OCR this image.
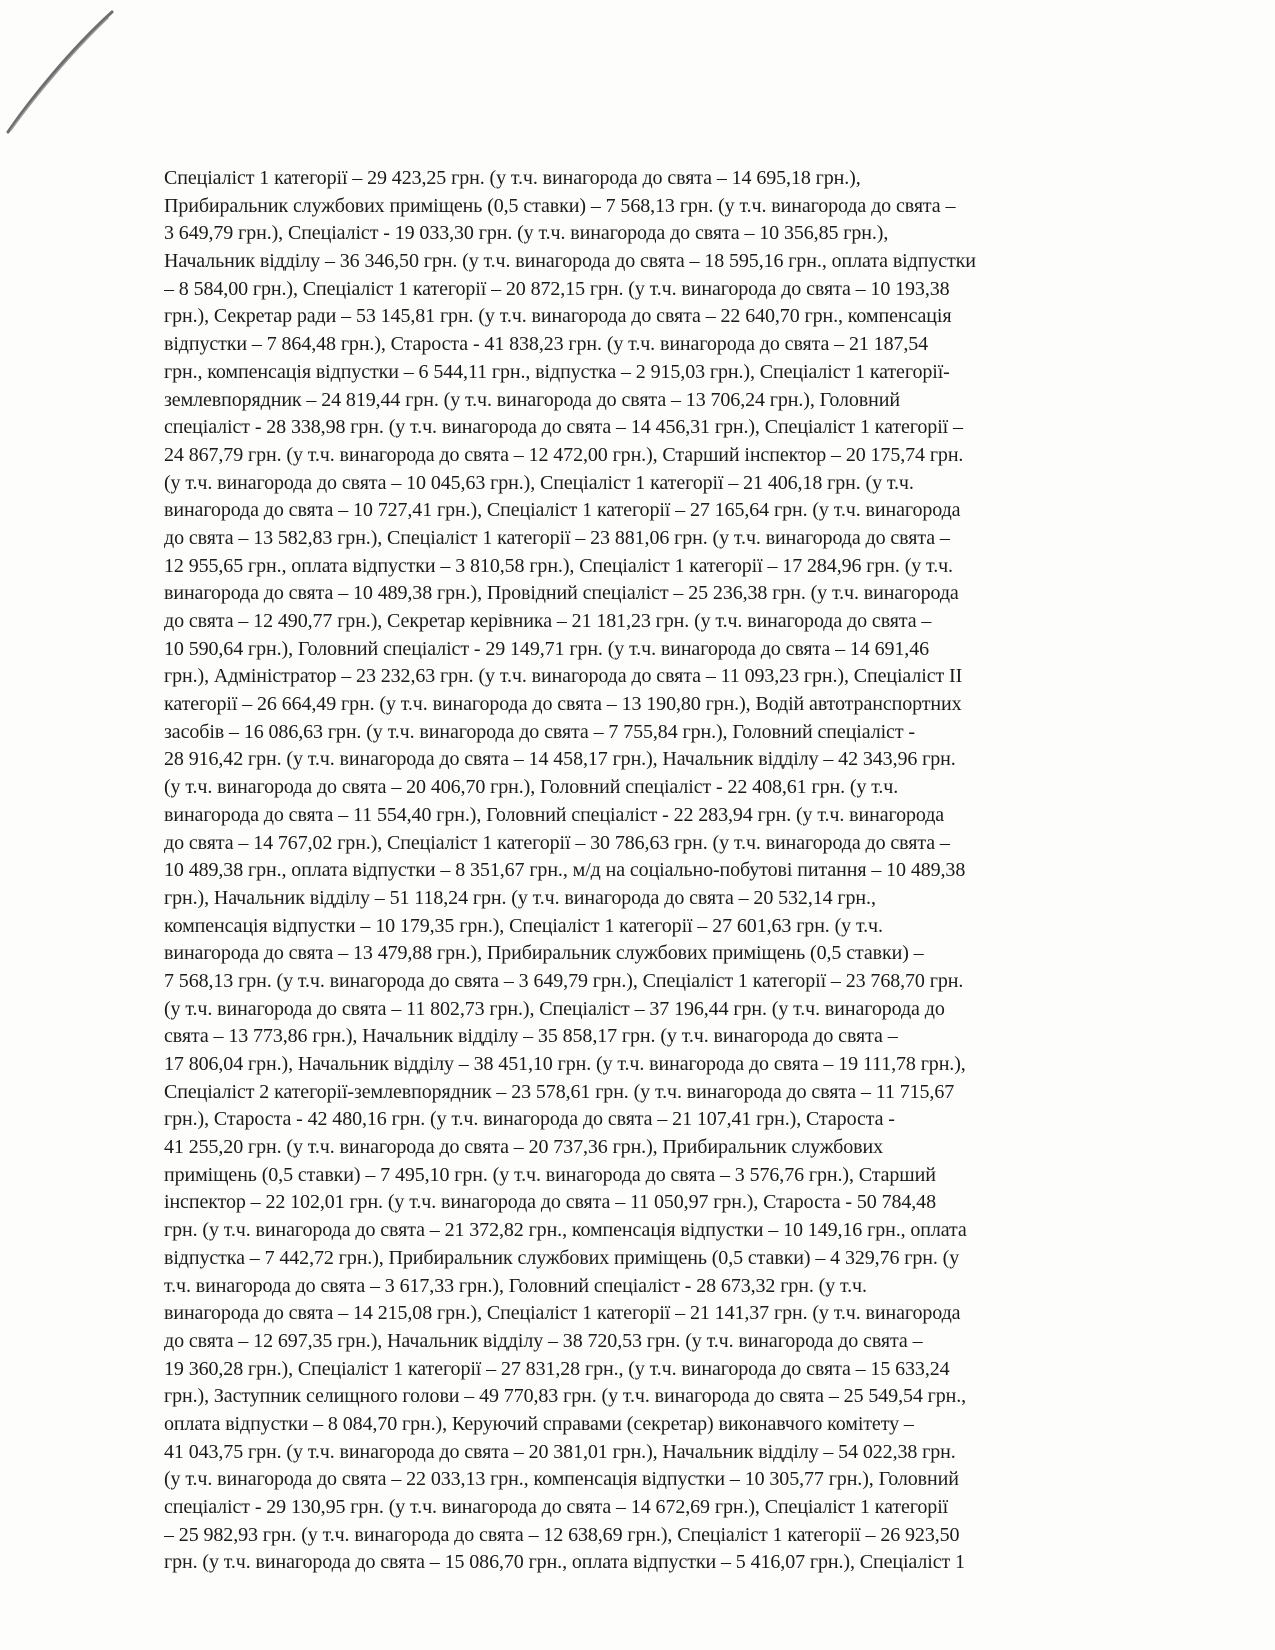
Спеціаліст 1 категорії – 29 423,25 грн. (у т.ч. винагорода до свята – 14 695,18 грн.),
Прибиральник службових приміщень (0,5 ставки) – 7 568,13 грн. (у т.ч. винагорода до свята –
3 649,79 грн.), Спеціаліст - 19 033,30 грн. (у т.ч. винагорода до свята – 10 356,85 грн.),
Начальник відділу – 36 346,50 грн. (у т.ч. винагорода до свята – 18 595,16 грн., оплата відпустки
– 8 584,00 грн.), Спеціаліст 1 категорії – 20 872,15 грн. (у т.ч. винагорода до свята – 10 193,38
грн.), Секретар ради – 53 145,81 грн. (у т.ч. винагорода до свята – 22 640,70 грн., компенсація
відпустки – 7 864,48 грн.), Староста - 41 838,23 грн. (у т.ч. винагорода до свята – 21 187,54
грн., компенсація відпустки – 6 544,11 грн., відпустка – 2 915,03 грн.), Спеціаліст 1 категорії-
землевпорядник – 24 819,44 грн. (у т.ч. винагорода до свята – 13 706,24 грн.), Головний
спеціаліст - 28 338,98 грн. (у т.ч. винагорода до свята – 14 456,31 грн.), Спеціаліст 1 категорії –
24 867,79 грн. (у т.ч. винагорода до свята – 12 472,00 грн.), Старший інспектор – 20 175,74 грн.
(у т.ч. винагорода до свята – 10 045,63 грн.), Спеціаліст 1 категорії – 21 406,18 грн. (у т.ч.
винагорода до свята – 10 727,41 грн.), Спеціаліст 1 категорії – 27 165,64 грн. (у т.ч. винагорода
до свята – 13 582,83 грн.), Спеціаліст 1 категорії – 23 881,06 грн. (у т.ч. винагорода до свята –
12 955,65 грн., оплата відпустки – 3 810,58 грн.), Спеціаліст 1 категорії – 17 284,96 грн. (у т.ч.
винагорода до свята – 10 489,38 грн.), Провідний спеціаліст – 25 236,38 грн. (у т.ч. винагорода
до свята – 12 490,77 грн.), Секретар керівника – 21 181,23 грн. (у т.ч. винагорода до свята –
10 590,64 грн.), Головний спеціаліст - 29 149,71 грн. (у т.ч. винагорода до свята – 14 691,46
грн.), Адміністратор – 23 232,63 грн. (у т.ч. винагорода до свята – 11 093,23 грн.), Спеціаліст ІІ
категорії – 26 664,49 грн. (у т.ч. винагорода до свята – 13 190,80 грн.), Водій автотранспортних
засобів – 16 086,63 грн. (у т.ч. винагорода до свята – 7 755,84 грн.), Головний спеціаліст -
28 916,42 грн. (у т.ч. винагорода до свята – 14 458,17 грн.), Начальник відділу – 42 343,96 грн.
(у т.ч. винагорода до свята – 20 406,70 грн.), Головний спеціаліст - 22 408,61 грн. (у т.ч.
винагорода до свята – 11 554,40 грн.), Головний спеціаліст - 22 283,94 грн. (у т.ч. винагорода
до свята – 14 767,02 грн.), Спеціаліст 1 категорії – 30 786,63 грн. (у т.ч. винагорода до свята –
10 489,38 грн., оплата відпустки – 8 351,67 грн., м/д на соціально-побутові питання – 10 489,38
грн.), Начальник відділу – 51 118,24 грн. (у т.ч. винагорода до свята – 20 532,14 грн.,
компенсація відпустки – 10 179,35 грн.), Спеціаліст 1 категорії – 27 601,63 грн. (у т.ч.
винагорода до свята – 13 479,88 грн.), Прибиральник службових приміщень (0,5 ставки) –
7 568,13 грн. (у т.ч. винагорода до свята – 3 649,79 грн.), Спеціаліст 1 категорії – 23 768,70 грн.
(у т.ч. винагорода до свята – 11 802,73 грн.), Спеціаліст – 37 196,44 грн. (у т.ч. винагорода до
свята – 13 773,86 грн.), Начальник відділу – 35 858,17 грн. (у т.ч. винагорода до свята –
17 806,04 грн.), Начальник відділу – 38 451,10 грн. (у т.ч. винагорода до свята – 19 111,78 грн.),
Спеціаліст 2 категорії-землевпорядник – 23 578,61 грн. (у т.ч. винагорода до свята – 11 715,67
грн.), Староста - 42 480,16 грн. (у т.ч. винагорода до свята – 21 107,41 грн.), Староста -
41 255,20 грн. (у т.ч. винагорода до свята – 20 737,36 грн.), Прибиральник службових
приміщень (0,5 ставки) – 7 495,10 грн. (у т.ч. винагорода до свята – 3 576,76 грн.), Старший
інспектор – 22 102,01 грн. (у т.ч. винагорода до свята – 11 050,97 грн.), Староста - 50 784,48
грн. (у т.ч. винагорода до свята – 21 372,82 грн., компенсація відпустки – 10 149,16 грн., оплата
відпустка – 7 442,72 грн.), Прибиральник службових приміщень (0,5 ставки) – 4 329,76 грн. (у
т.ч. винагорода до свята – 3 617,33 грн.), Головний спеціаліст - 28 673,32 грн. (у т.ч.
винагорода до свята – 14 215,08 грн.), Спеціаліст 1 категорії – 21 141,37 грн. (у т.ч. винагорода
до свята – 12 697,35 грн.), Начальник відділу – 38 720,53 грн. (у т.ч. винагорода до свята –
19 360,28 грн.), Спеціаліст 1 категорії – 27 831,28 грн., (у т.ч. винагорода до свята – 15 633,24
грн.), Заступник селищного голови – 49 770,83 грн. (у т.ч. винагорода до свята – 25 549,54 грн.,
оплата відпустки – 8 084,70 грн.), Керуючий справами (секретар) виконавчого комітету –
41 043,75 грн. (у т.ч. винагорода до свята – 20 381,01 грн.), Начальник відділу – 54 022,38 грн.
(у т.ч. винагорода до свята – 22 033,13 грн., компенсація відпустки – 10 305,77 грн.), Головний
спеціаліст - 29 130,95 грн. (у т.ч. винагорода до свята – 14 672,69 грн.), Спеціаліст 1 категорії
– 25 982,93 грн. (у т.ч. винагорода до свята – 12 638,69 грн.), Спеціаліст 1 категорії – 26 923,50
грн. (у т.ч. винагорода до свята – 15 086,70 грн., оплата відпустки – 5 416,07 грн.), Спеціаліст 1
